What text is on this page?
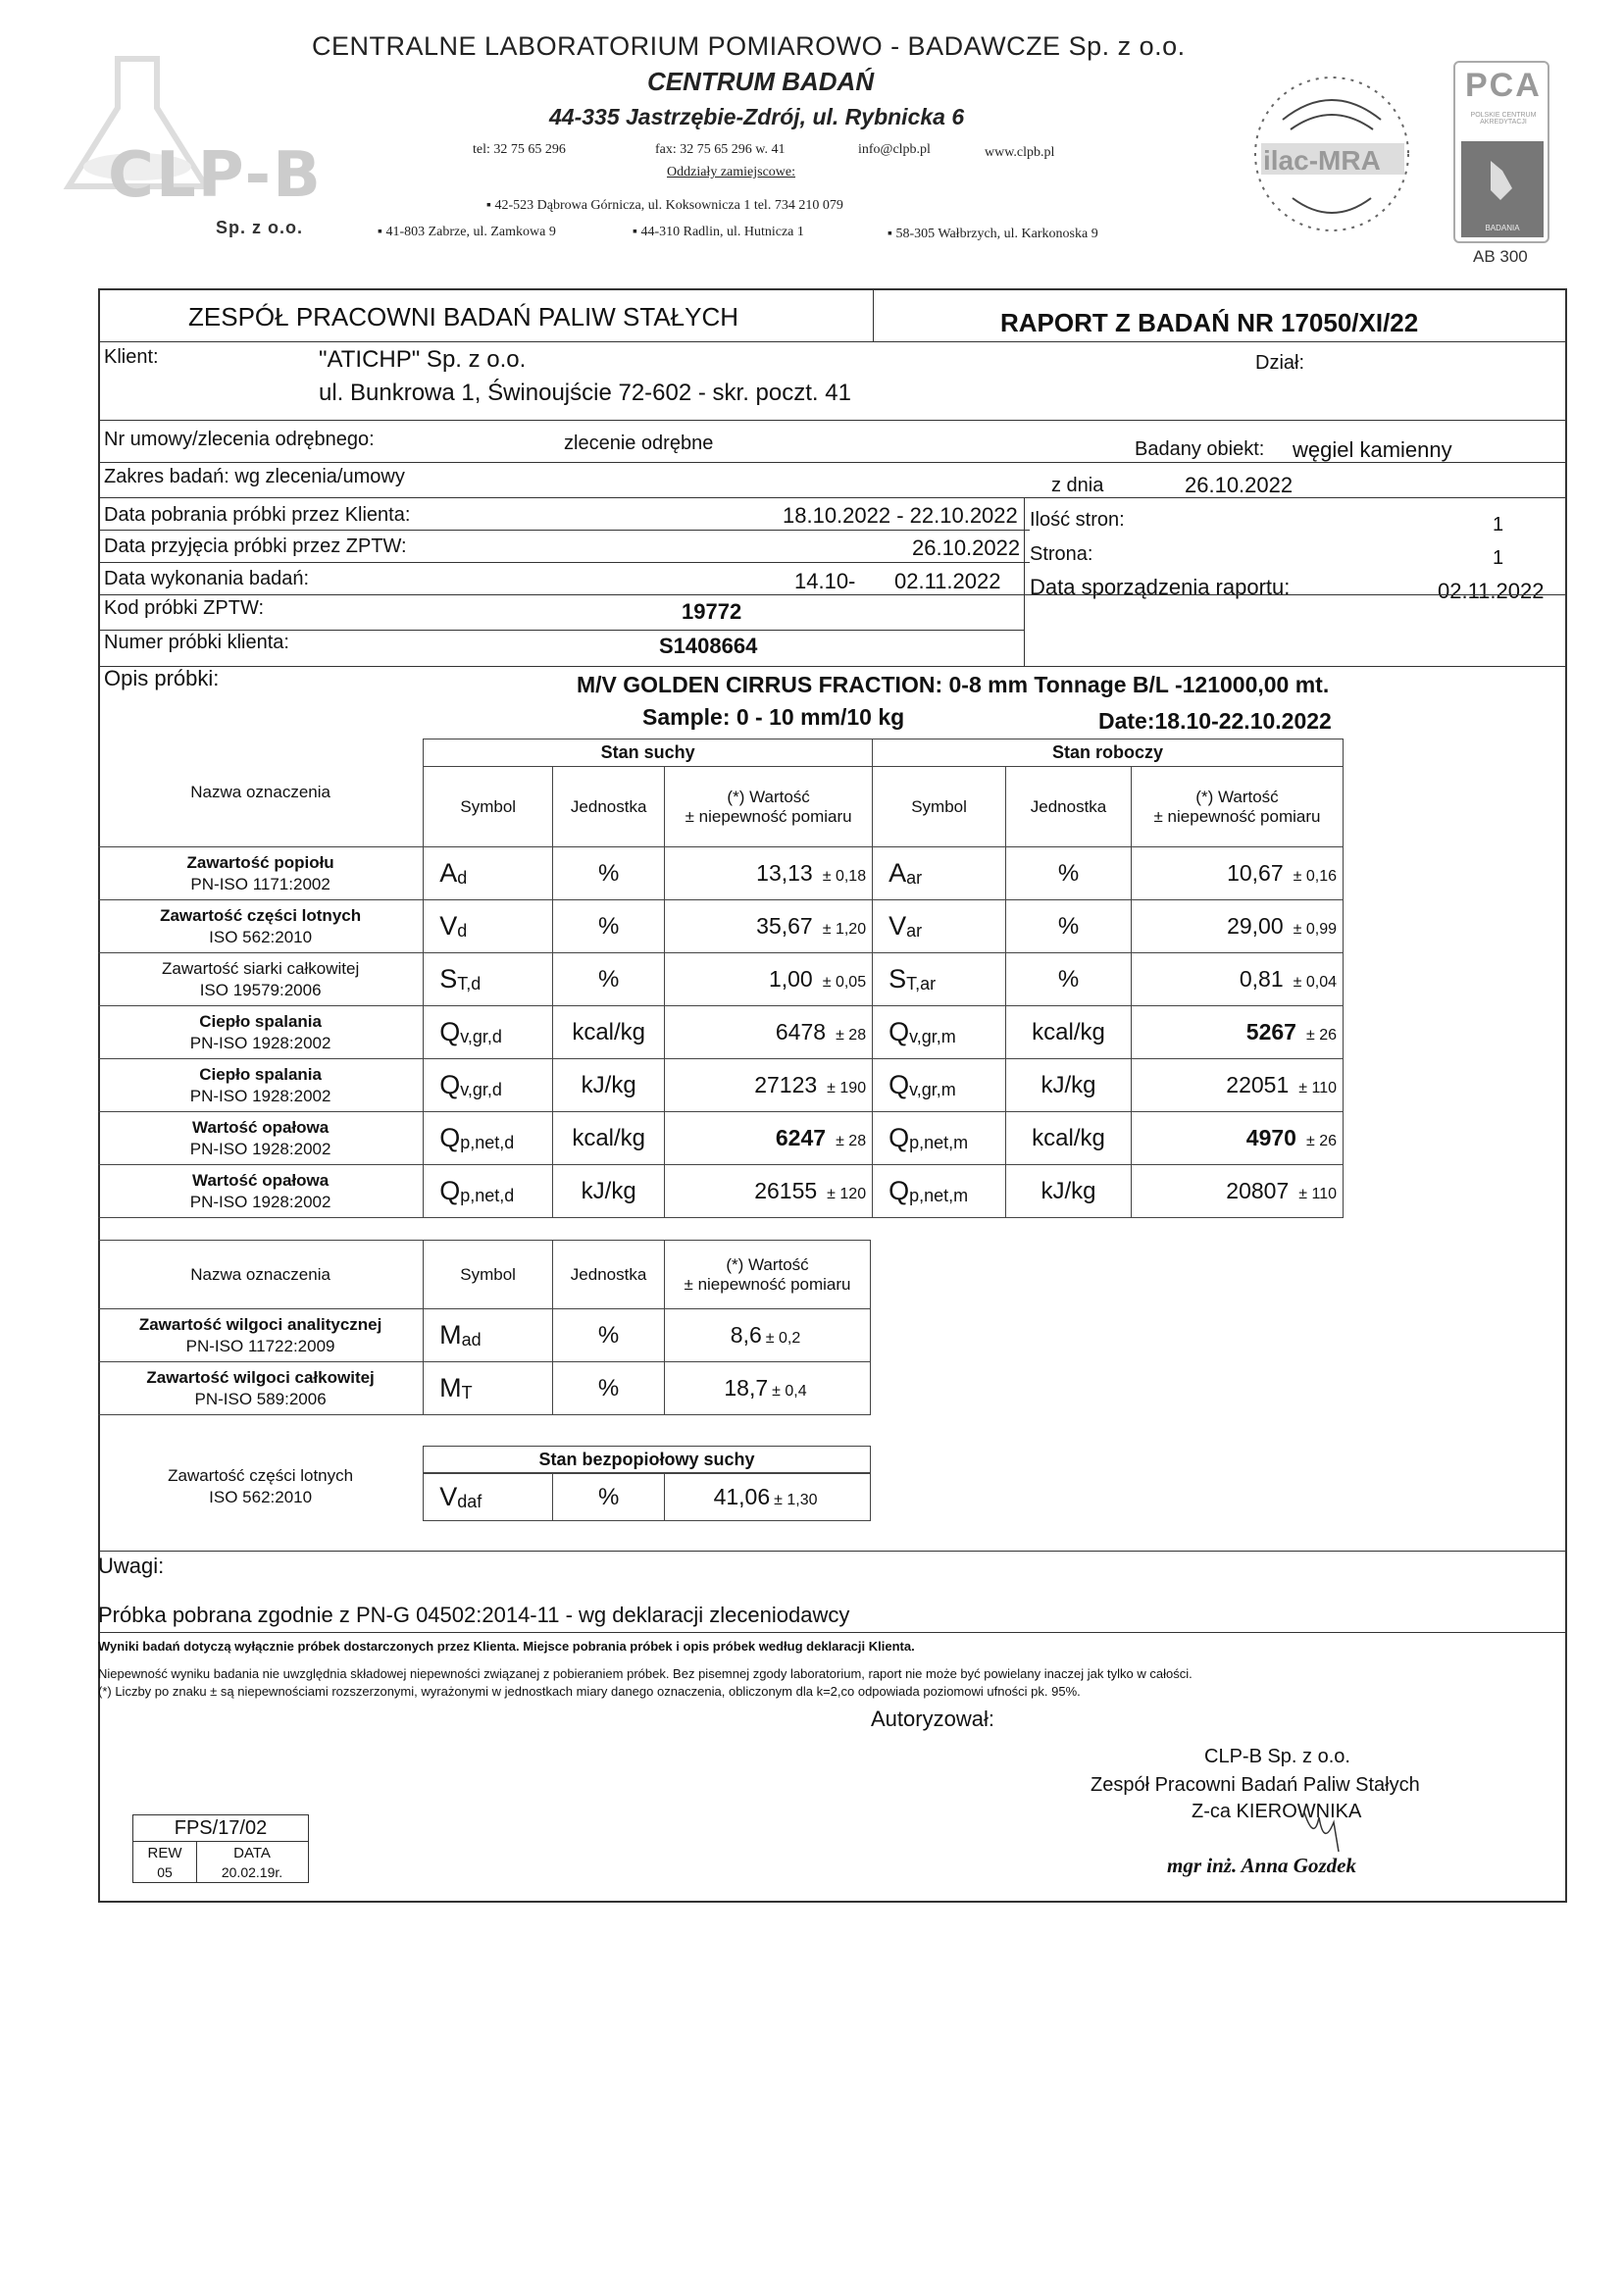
CLP-B
Sp. z o.o.
CENTRALNE LABORATORIUM POMIAROWO - BADAWCZE Sp. z o.o.
CENTRUM BADAŃ
44-335 Jastrzębie-Zdrój, ul. Rybnicka 6
tel: 32 75 65 296	fax: 32 75 65 296 w. 41	info@clpb.pl	www.clpb.pl
Oddziały zamiejscowe:
▪ 42-523 Dąbrowa Górnicza, ul. Koksownicza 1 tel. 734 210 079
▪ 41-803 Zabrze, ul. Zamkowa 9	▪ 44-310 Radlin, ul. Hutnicza 1	▪ 58-305 Wałbrzych, ul. Karkonoska 9
ilac-MRA
PCA
POLSKIE CENTRUM AKREDYTACJI
BADANIA
AB 300
ZESPÓŁ PRACOWNI BADAŃ PALIW STAŁYCH	RAPORT Z BADAŃ NR 17050/XI/22
Klient:	"ATICHP" Sp. z o.o.
ul. Bunkrowa 1, Świnoujście 72-602 - skr. poczt. 41
Dział:
Nr umowy/zlecenia odrębnego:	zlecenie odrębne	Badany obiekt: węgiel kamienny
Zakres badań: wg zlecenia/umowy	z dnia	26.10.2022
Data pobrania próbki przez Klienta:	18.10.2022 - 22.10.2022 Ilość stron:	1
Data przyjęcia próbki przez ZPTW:	26.10.2022 Strona:	1
Data wykonania badań:	14.10- 02.11.2022 Data sporządzenia raportu:	02.11.2022
Kod próbki ZPTW:	19772
Numer próbki klienta:	S1408664
Opis próbki:	M/V GOLDEN CIRRUS FRACTION: 0-8 mm Tonnage B/L -121000,00 mt.
Sample: 0 - 10 mm/10 kg	Date:18.10-22.10.2022
Nazwa oznaczenia	Stan suchy			Stan roboczy		
	Symbol	Jednostka	(*) Wartość
± niepewność pomiaru	Symbol	Jednostka	(*) Wartość
± niepewność pomiaru

Zawartość popiołu
PN-ISO 1171:2002	$A_d$	%	13,13 ± 0,18	$A_{ar}$	%	10,67 ± 0,16

Zawartość części lotnych
ISO 562:2010	$V_d$	%	35,67 ± 1,20	$V_{ar}$	%	29,00 ± 0,99

Zawartość siarki całkowitej
ISO 19579:2006	$S_{T,d}$	%	1,00 ± 0,05	$S_{T,ar}$	%	0,81 ± 0,04

Ciepło spalania
PN-ISO 1928:2002	$Q_{v,gr,d}$	kcal/kg	6478 ± 28	$Q_{v,gr,m}$	kcal/kg	5267 ± 26

Ciepło spalania
PN-ISO 1928:2002	$Q_{v,gr,d}$	kJ/kg	27123 ± 190	$Q_{v,gr,m}$	kJ/kg	22051 ± 110

Wartość opałowa
PN-ISO 1928:2002	$Q_{p,net,d}$	kcal/kg	6247 ± 28	$Q_{p,net,m}$	kcal/kg	4970 ± 26

Wartość opałowa
PN-ISO 1928:2002	$Q_{p,net,d}$	kJ/kg	26155 ± 120	$Q_{p,net,m}$	kJ/kg	20807 ± 110
Nazwa oznaczenia	Symbol	Jednostka	(*) Wartość
± niepewność pomiaru

Zawartość wilgoci analitycznej
PN-ISO 11722:2009	$M_{ad}$	%	8,6 ± 0,2

Zawartość wilgoci całkowitej
PN-ISO 589:2006	$M_T$	%	18,7 ± 0,4
Stan bezpopiołowy suchy
Zawartość części lotnych
ISO 562:2010	$V_{daf}$	%	41,06 ± 1,30
Uwagi:
Próbka pobrana zgodnie z PN-G 04502:2014-11 - wg deklaracji zleceniodawcy
Wyniki badań dotyczą wyłącznie próbek dostarczonych przez Klienta. Miejsce pobrania próbek i opis próbek według deklaracji Klienta.
Niepewność wyniku badania nie uwzględnia składowej niepewności związanej z pobieraniem próbek. Bez pisemnej zgody laboratorium, raport nie może być powielany inaczej jak tylko w całości.
(*) Liczby po znaku ± są niepewnościami rozszerzonymi, wyrażonymi w jednostkach miary danego oznaczenia, obliczonym dla k=2,co odpowiada poziomowi ufności pk. 95%.
Autoryzował:
CLP-B Sp. z o.o.
Zespół Pracowni Badań Paliw Stałych
Z-ca KIEROWNIKA
mgr inż. Anna Gozdek
FPS/17/02
REW	DATA
05	20.02.19r.
